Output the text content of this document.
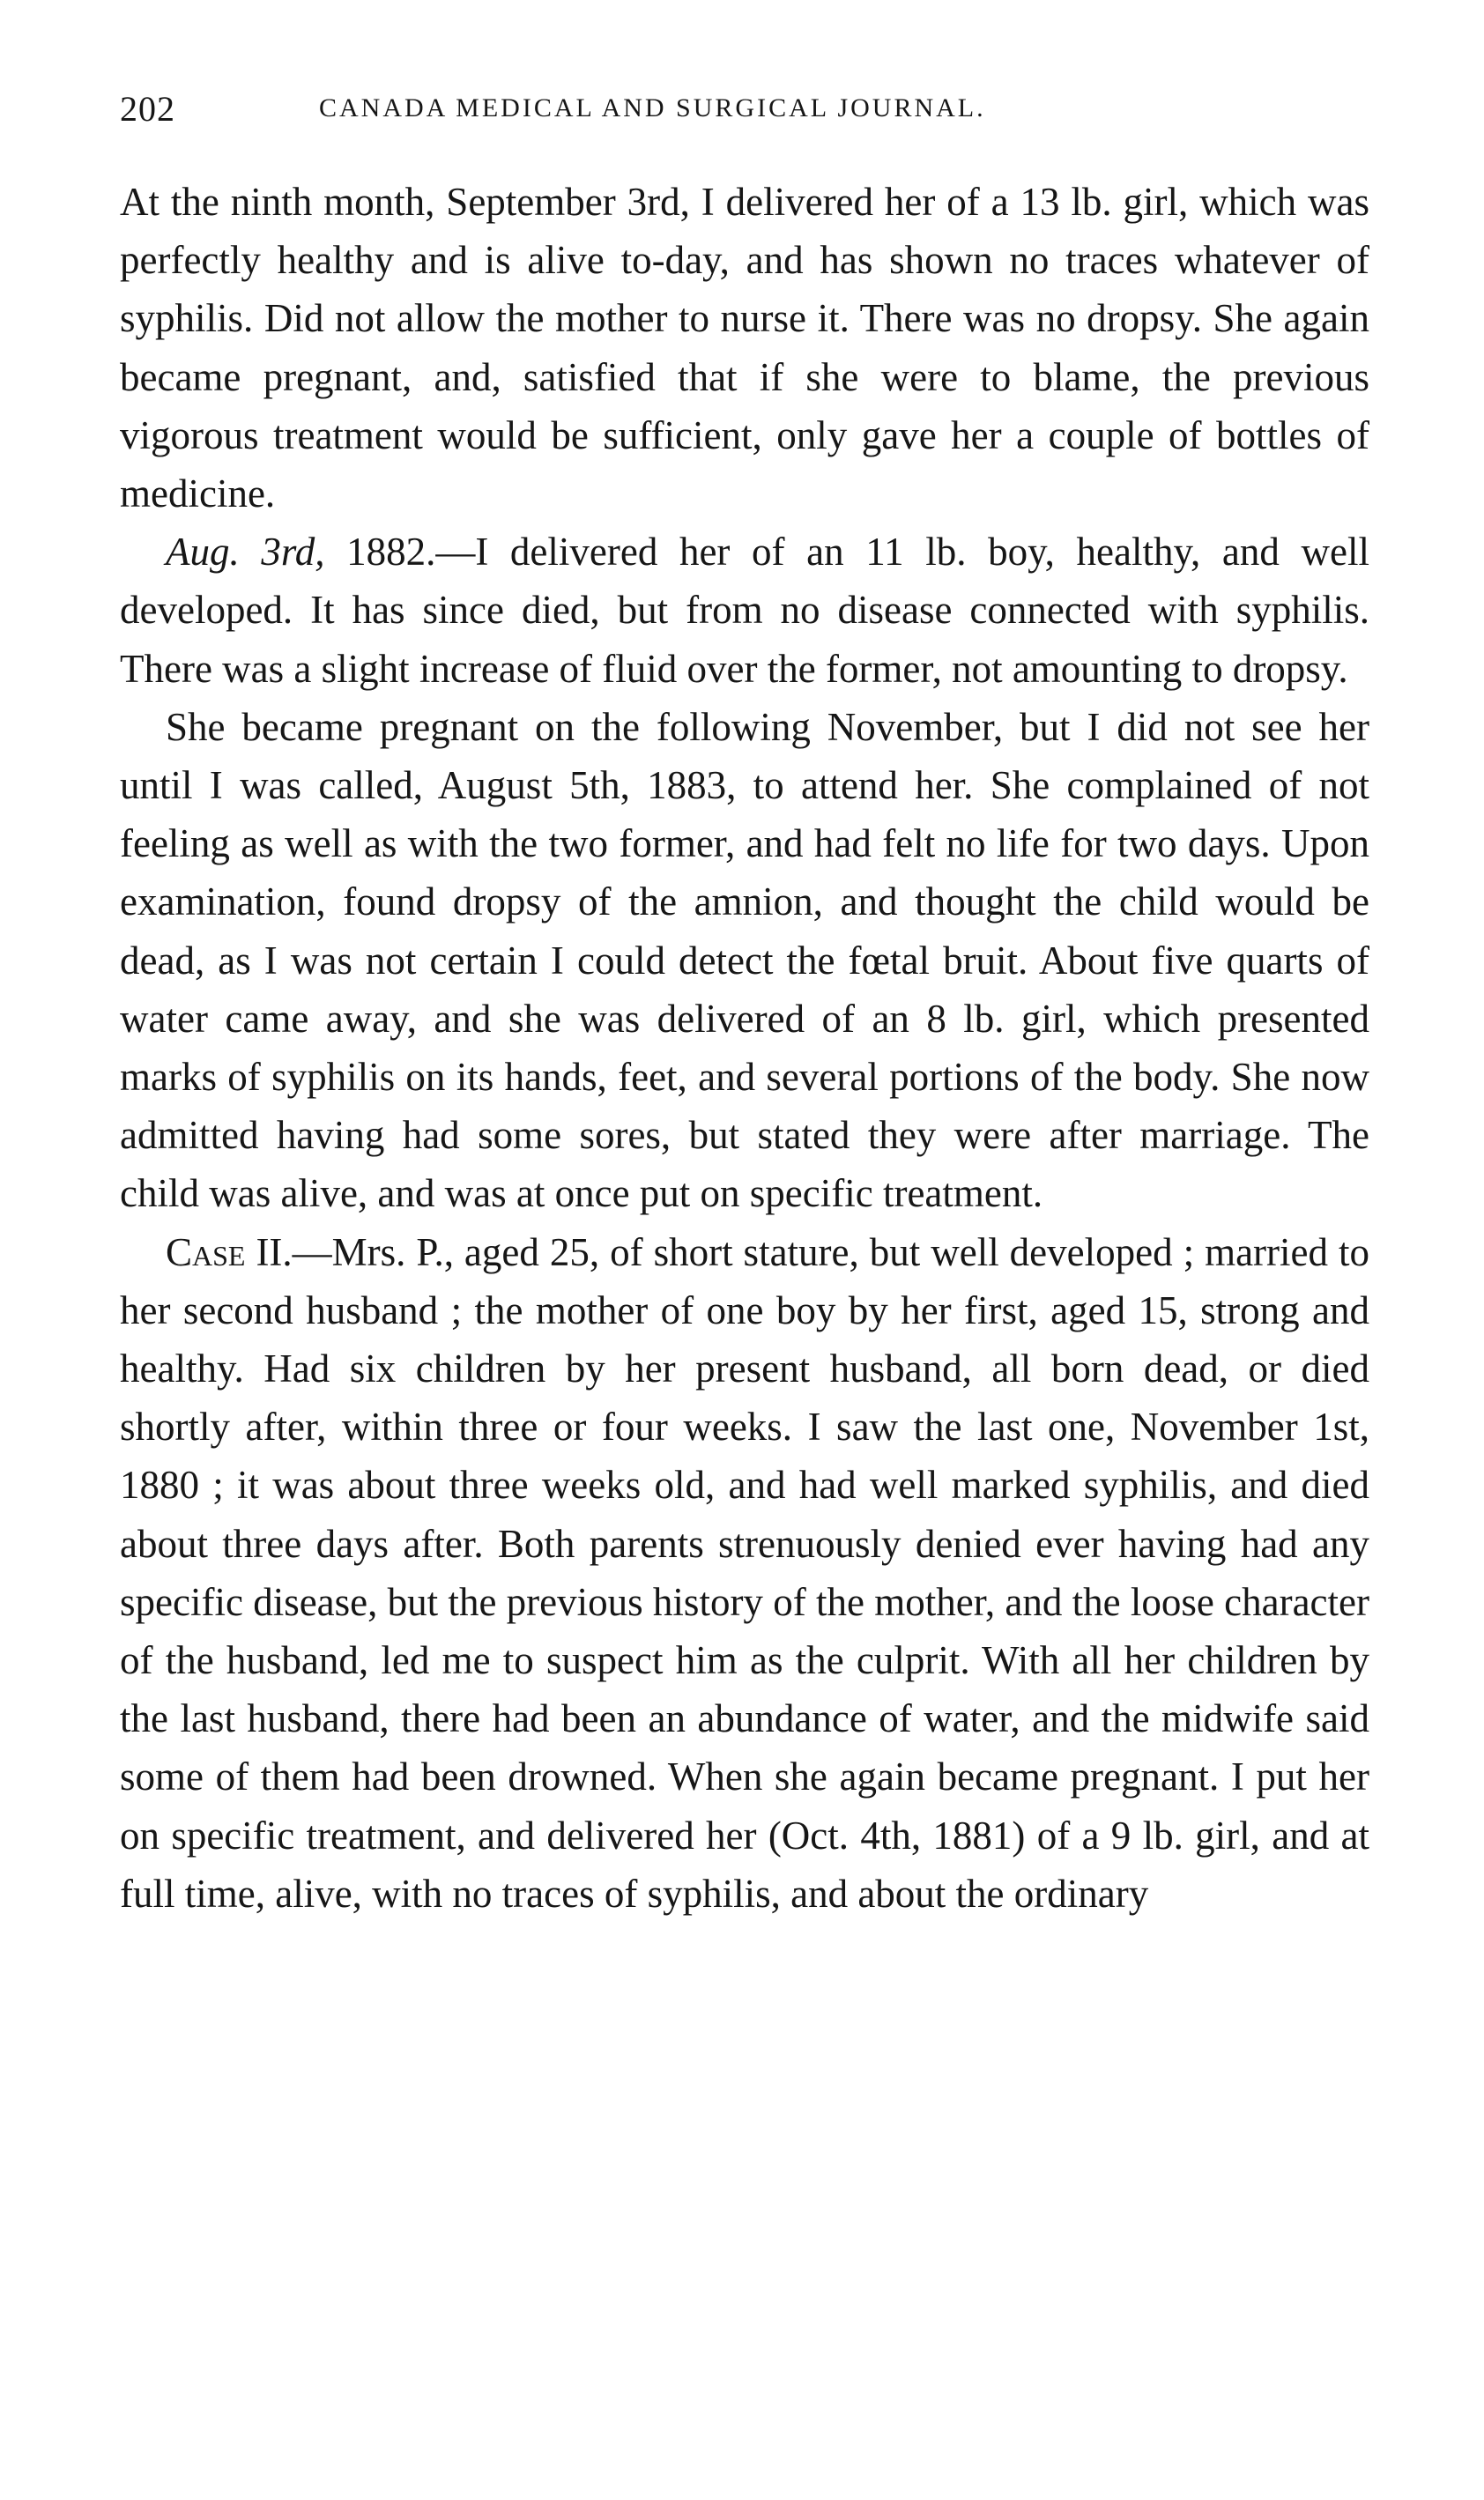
202	CANADA MEDICAL AND SURGICAL JOURNAL.

At the ninth month, September 3rd, I delivered her of a 13 lb. girl, which was perfectly healthy and is alive to-day, and has shown no traces whatever of syphilis. Did not allow the mother to nurse it. There was no dropsy. She again became pregnant, and, satisfied that if she were to blame, the previous vigorous treatment would be sufficient, only gave her a couple of bottles of medicine.

Aug. 3rd, 1882.—I delivered her of an 11 lb. boy, healthy, and well developed. It has since died, but from no disease connected with syphilis. There was a slight increase of fluid over the former, not amounting to dropsy.

She became pregnant on the following November, but I did not see her until I was called, August 5th, 1883, to attend her. She complained of not feeling as well as with the two former, and had felt no life for two days. Upon examination, found dropsy of the amnion, and thought the child would be dead, as I was not certain I could detect the fœtal bruit. About five quarts of water came away, and she was delivered of an 8 lb. girl, which presented marks of syphilis on its hands, feet, and several portions of the body. She now admitted having had some sores, but stated they were after marriage. The child was alive, and was at once put on specific treatment.

Case II.—Mrs. P., aged 25, of short stature, but well developed ; married to her second husband ; the mother of one boy by her first, aged 15, strong and healthy. Had six children by her present husband, all born dead, or died shortly after, within three or four weeks. I saw the last one, November 1st, 1880 ; it was about three weeks old, and had well marked syphilis, and died about three days after. Both parents strenuously denied ever having had any specific disease, but the previous history of the mother, and the loose character of the husband, led me to suspect him as the culprit. With all her children by the last husband, there had been an abundance of water, and the midwife said some of them had been drowned. When she again became pregnant. I put her on specific treatment, and delivered her (Oct. 4th, 1881) of a 9 lb. girl, and at full time, alive, with no traces of syphilis, and about the ordinary
